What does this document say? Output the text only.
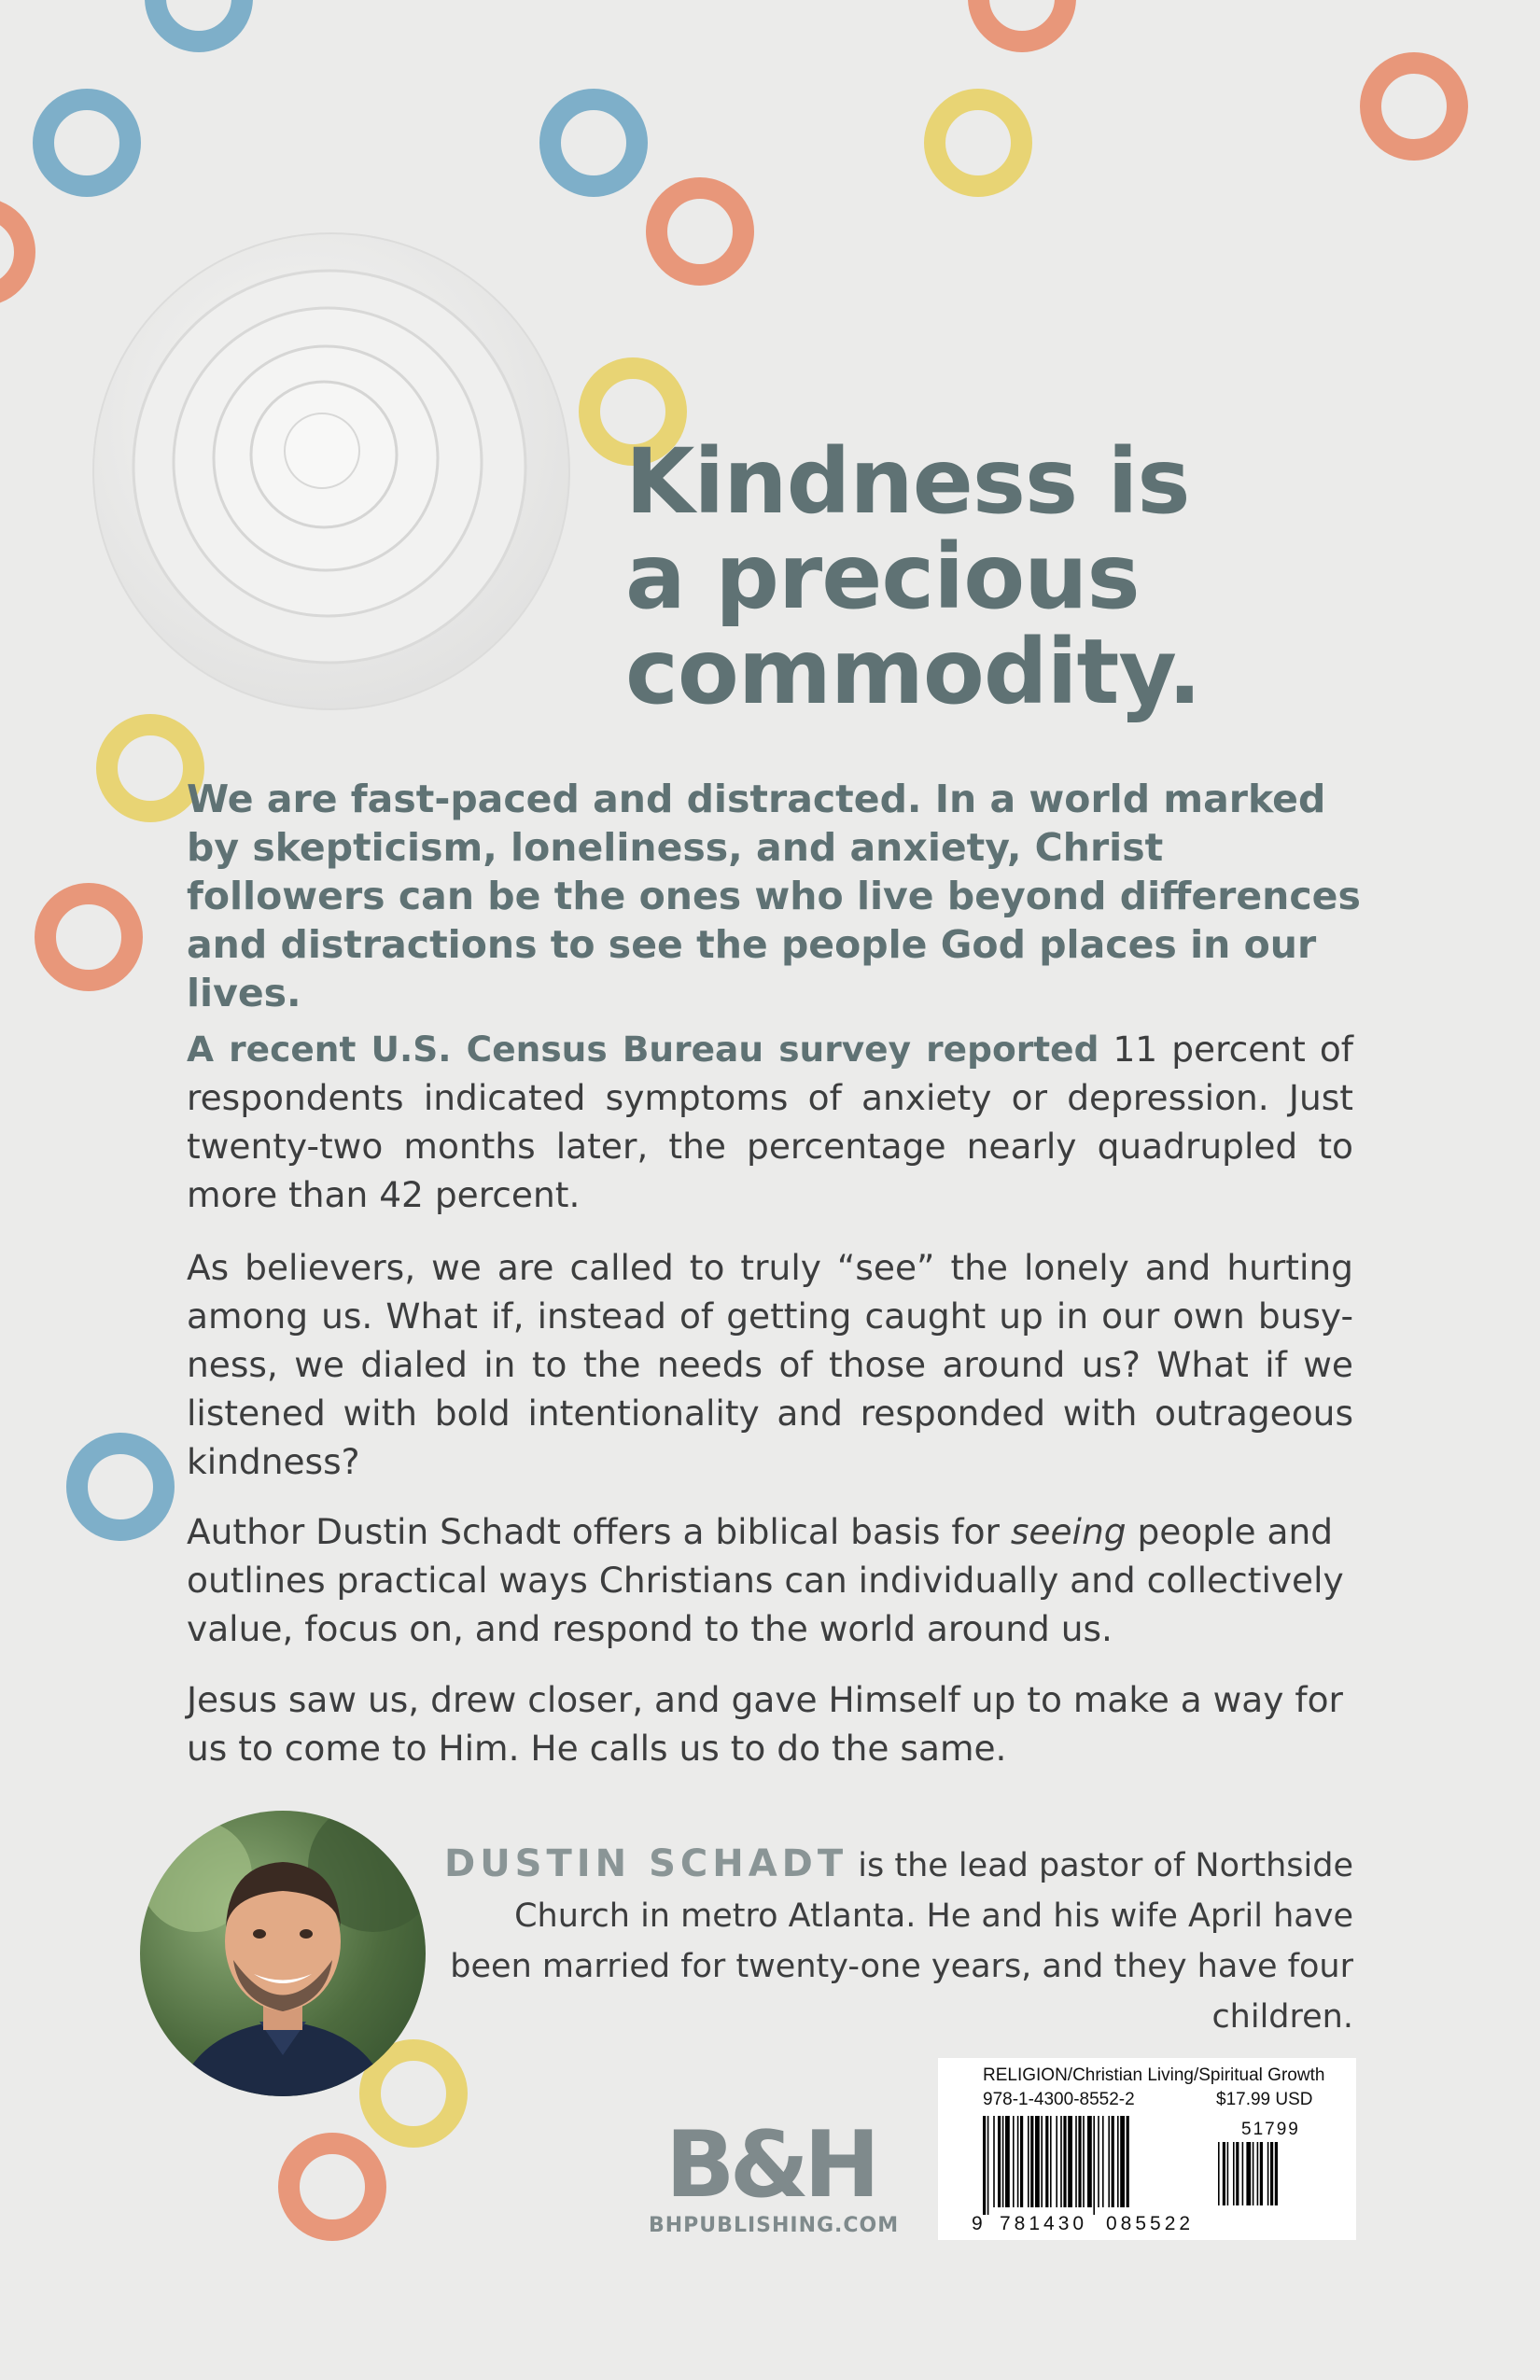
Kindness is
a precious
commodity.
We are fast-paced and distracted. In a world marked by skepticism, loneliness, and anxiety, Christ followers can be the ones who live beyond differences and distractions to see the people God places in our lives.

A recent U.S. Census Bureau survey reported 11 percent of respondents indicated symptoms of anxiety or depression. Just twenty-two months later, the percentage nearly quadrupled to more than 42 percent.

As believers, we are called to truly “see” the lonely and hurting among us. What if, instead of getting caught up in our own busy-ness, we dialed in to the needs of those around us? What if we listened with bold intentionality and responded with outrageous kindness?

Author Dustin Schadt offers a biblical basis for seeing people and outlines practical ways Christians can individually and collectively value, focus on, and respond to the world around us.

Jesus saw us, drew closer, and gave Himself up to make a way for us to come to Him. He calls us to do the same.

DUSTIN SCHADT is the lead pastor of Northside Church in metro Atlanta. He and his wife April have been married for twenty-one years, and they have four children.
B&H
BHPUBLISHING.COM
RELIGION/Christian Living/Spiritual Growth
978-1-4300-8552-2	$17.99 USD
51799
9 781430 085522
